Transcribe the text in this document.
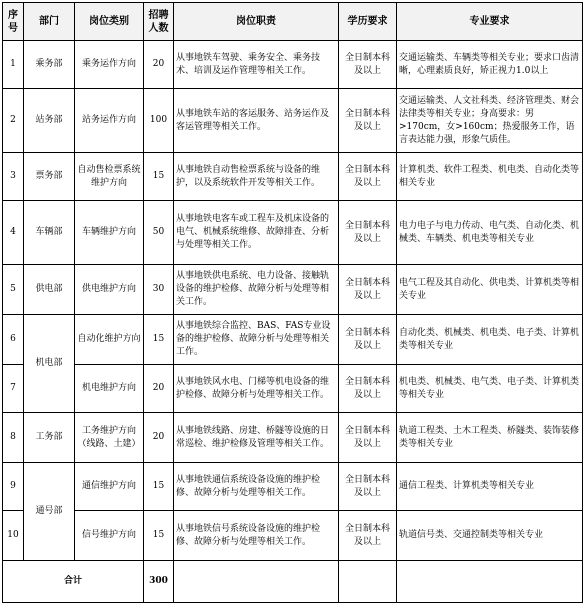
序号	部门	岗位类别	招聘人数	岗位职责	学历要求	专业要求
1	乘务部	乘务运作方向	20	从事地铁车驾驶、乘务安全、乘务技术、培训及运作管理等相关工作。	全日制本科及以上	交通运输类、车辆类等相关专业；要求口齿清晰，心理素质良好，矫正视力1.0以上
2	站务部	站务运作方向	100	从事地铁车站的客运服务、站务运作及客运管理等相关工作。	全日制本科及以上	交通运输类、人文社科类、经济管理类、财会法律类等相关专业；身高要求：男>170cm，女>160cm；热爱服务工作，语言表达能力强，形象气质佳。
3	票务部	自动售检票系统维护方向	15	从事地铁自动售检票系统与设备的维护，以及系统软件开发等相关工作。	全日制本科及以上	计算机类、软件工程类、机电类、自动化类等相关专业
4	车辆部	车辆维护方向	50	从事地铁电客车或工程车及机床设备的电气、机械系统维修、故障排查、分析与处理等相关工作。	全日制本科及以上	电力电子与电力传动、电气类、自动化类、机械类、车辆类、机电类等相关专业
5	供电部	供电维护方向	30	从事地铁供电系统、电力设备、接触轨设备的维护检修、故障分析与处理等相关工作。	全日制本科及以上	电气工程及其自动化、供电类、计算机类等相关专业
6	机电部	自动化维护方向	15	从事地铁综合监控、BAS、FAS专业设备的维护检修、故障分析与处理等相关工作。	全日制本科及以上	自动化类、机械类、机电类、电子类、计算机类等相关专业
7		机电维护方向	20	从事地铁风水电、门梯等机电设备的维护检修、故障分析与处理等相关工作。	全日制本科及以上	机电类、机械类、电气类、电子类、计算机类等相关专业
8	工务部	工务维护方向（线路、土建）	20	从事地铁线路、房建、桥隧等设施的日常巡检、维护检修及管理等相关工作。	全日制本科及以上	轨道工程类、土木工程类、桥隧类、装饰装修类等相关专业
9	通号部	通信维护方向	15	从事地铁通信系统设备设施的维护检修、故障分析与处理等相关工作。	全日制本科及以上	通信工程类、计算机类等相关专业
10		信号维护方向	15	从事地铁信号系统设备设施的维护检修、故障分析与处理等相关工作。	全日制本科及以上	轨道信号类、交通控制类等相关专业
合计			300			
